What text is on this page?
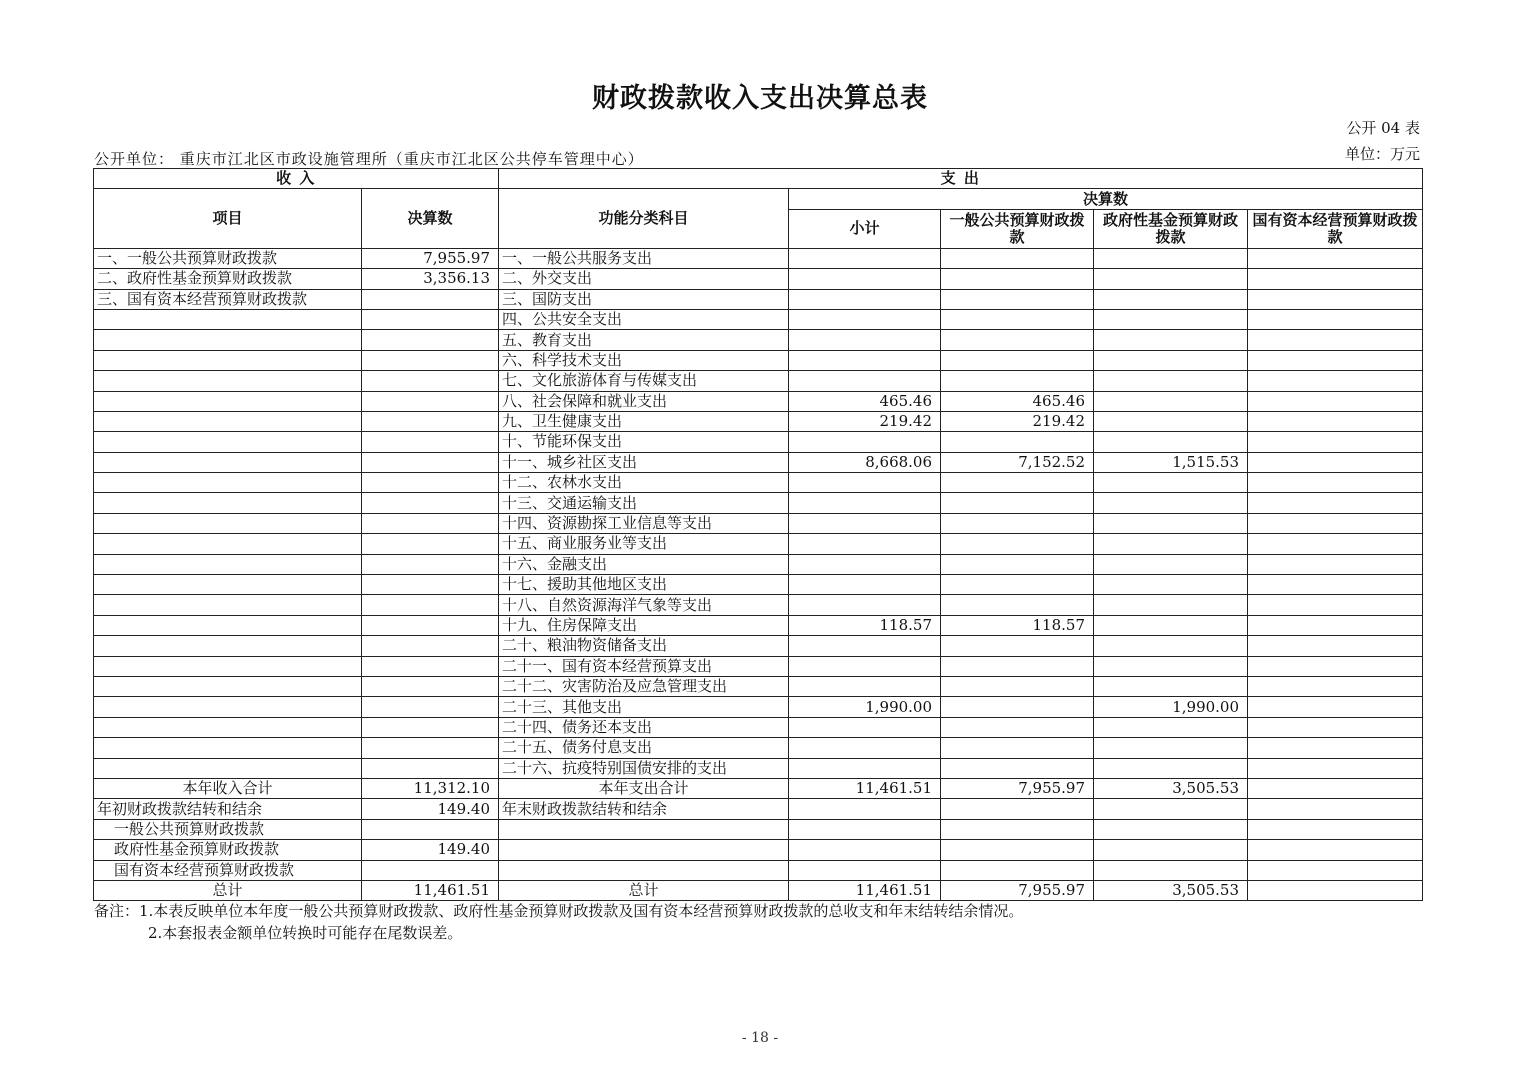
财政拨款收入支出决算总表
公开 04 表
单位：万元
公开单位： 重庆市江北区市政设施管理所（重庆市江北区公共停车管理中心）
收 入		支 出				
项目	决算数	功能分类科目	决算数			
			小计	一般公共预算财政拨款	政府性基金预算财政拨款	国有资本经营预算财政拨款
一、一般公共预算财政拨款	7,955.97	一、一般公共服务支出				
二、政府性基金预算财政拨款	3,356.13	二、外交支出				
三、国有资本经营预算财政拨款		三、国防支出				
		四、公共安全支出				
		五、教育支出				
		六、科学技术支出				
		七、文化旅游体育与传媒支出				
		八、社会保障和就业支出	465.46	465.46		
		九、卫生健康支出	219.42	219.42		
		十、节能环保支出				
		十一、城乡社区支出	8,668.06	7,152.52	1,515.53	
		十二、农林水支出				
		十三、交通运输支出				
		十四、资源勘探工业信息等支出				
		十五、商业服务业等支出				
		十六、金融支出				
		十七、援助其他地区支出				
		十八、自然资源海洋气象等支出				
		十九、住房保障支出	118.57	118.57		
		二十、粮油物资储备支出				
		二十一、国有资本经营预算支出				
		二十二、灾害防治及应急管理支出				
		二十三、其他支出	1,990.00		1,990.00	
		二十四、债务还本支出				
		二十五、债务付息支出				
		二十六、抗疫特别国债安排的支出				
本年收入合计	11,312.10	本年支出合计	11,461.51	7,955.97	3,505.53	
年初财政拨款结转和结余	149.40	年末财政拨款结转和结余				
一般公共预算财政拨款						
政府性基金预算财政拨款	149.40					
国有资本经营预算财政拨款						
总计	11,461.51	总计	11,461.51	7,955.97	3,505.53	
备注：1.本表反映单位本年度一般公共预算财政拨款、政府性基金预算财政拨款及国有资本经营预算财政拨款的总收支和年末结转结余情况。
2.本套报表金额单位转换时可能存在尾数误差。
- 18 -
